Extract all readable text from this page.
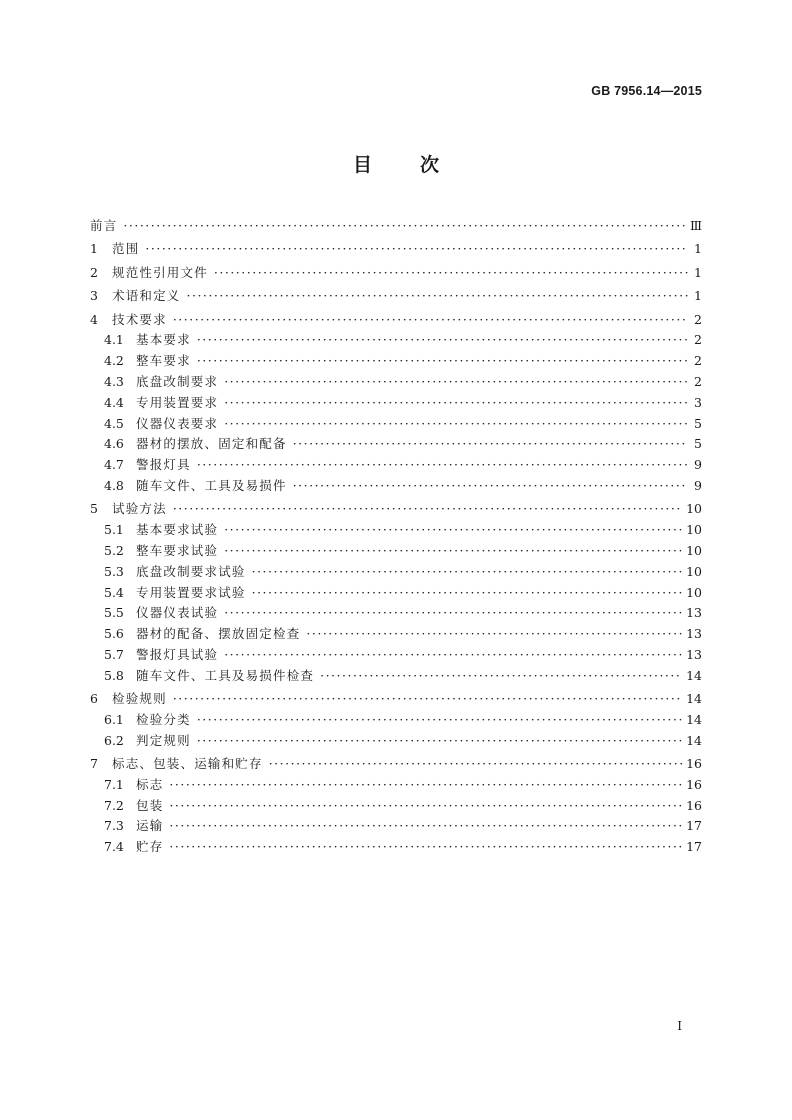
GB 7956.14—2015
目	次
前言 ·····	Ⅲ
1	范围 ·····	1
2	规范性引用文件 ·····	1
3	术语和定义 ·····	1
4	技术要求 ·····	2
4.1 基本要求 ·····	2
4.2 整车要求 ·····	2
4.3 底盘改制要求 ·····	2
4.4 专用装置要求 ·····	3
4.5 仪器仪表要求 ·····	5
4.6 器材的摆放、固定和配备 ·····	5
4.7 警报灯具 ·····	9
4.8 随车文件、工具及易损件 ·····	9
5	试验方法 ·····	10
5.1 基本要求试验 ·····	10
5.2 整车要求试验 ·····	10
5.3 底盘改制要求试验 ·····	10
5.4 专用装置要求试验 ·····	10
5.5 仪器仪表试验 ·····	13
5.6 器材的配备、摆放固定检查 ·····	13
5.7 警报灯具试验 ·····	13
5.8 随车文件、工具及易损件检查 ·····	14
6	检验规则 ·····	14
6.1 检验分类 ·····	14
6.2 判定规则 ·····	14
7	标志、包装、运输和贮存 ·····	16
7.1 标志 ·····	16
7.2 包装 ·····	16
7.3 运输 ·····	17
7.4 贮存 ·····	17
I
